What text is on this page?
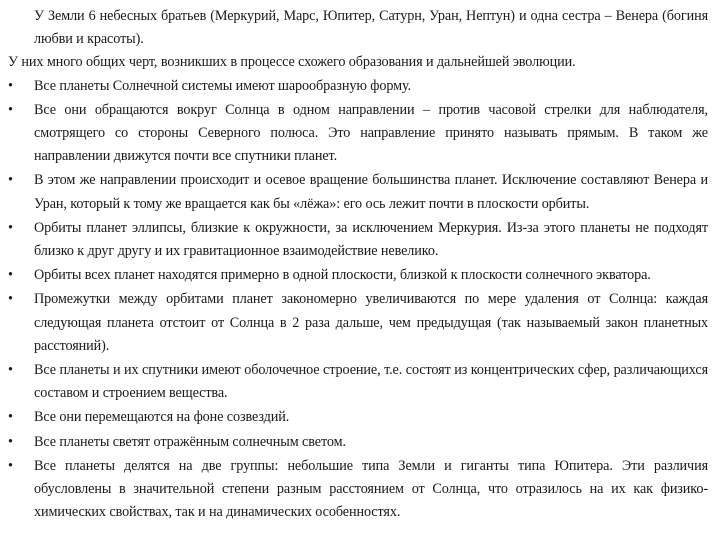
У Земли 6 небесных братьев (Меркурий, Марс, Юпитер, Сатурн, Уран, Нептун) и одна сестра – Венера (богиня любви и красоты).

У них много общих черт, возникших в процессе схожего образования и дальнейшей эволюции.

•	Все планеты Солнечной системы имеют шарообразную форму.
•	Все они обращаются вокруг Солнца в одном направлении – против часовой стрелки для наблюдателя, смотрящего со стороны Северного полюса. Это направление принято называть прямым. В таком же направлении движутся почти все спутники планет.
•	В этом же направлении происходит и осевое вращение большинства планет. Исключение составляют Венера и Уран, который к тому же вращается как бы «лёжа»: его ось лежит почти в плоскости орбиты.
•	Орбиты планет эллипсы, близкие к окружности, за исключением Меркурия. Из-за этого планеты не подходят близко к друг другу и их гравитационное взаимодействие невелико.
•	Орбиты всех планет находятся примерно в одной плоскости, близкой к плоскости солнечного экватора.
•	Промежутки между орбитами планет закономерно увеличиваются по мере удаления от Солнца: каждая следующая планета отстоит от Солнца в 2 раза дальше, чем предыдущая (так называемый закон планетных расстояний).
•	Все планеты и их спутники имеют оболочечное строение, т.е. состоят из концентрических сфер, различающихся составом и строением вещества.
•	Все они перемещаются на фоне созвездий.
•	Все планеты светят отражённым солнечным светом.
•	Все планеты делятся на две группы: небольшие типа Земли и гиганты типа Юпитера. Эти различия обусловлены в значительной степени разным расстоянием от Солнца, что отразилось на их как физико-химических свойствах, так и на динамических особенностях.
